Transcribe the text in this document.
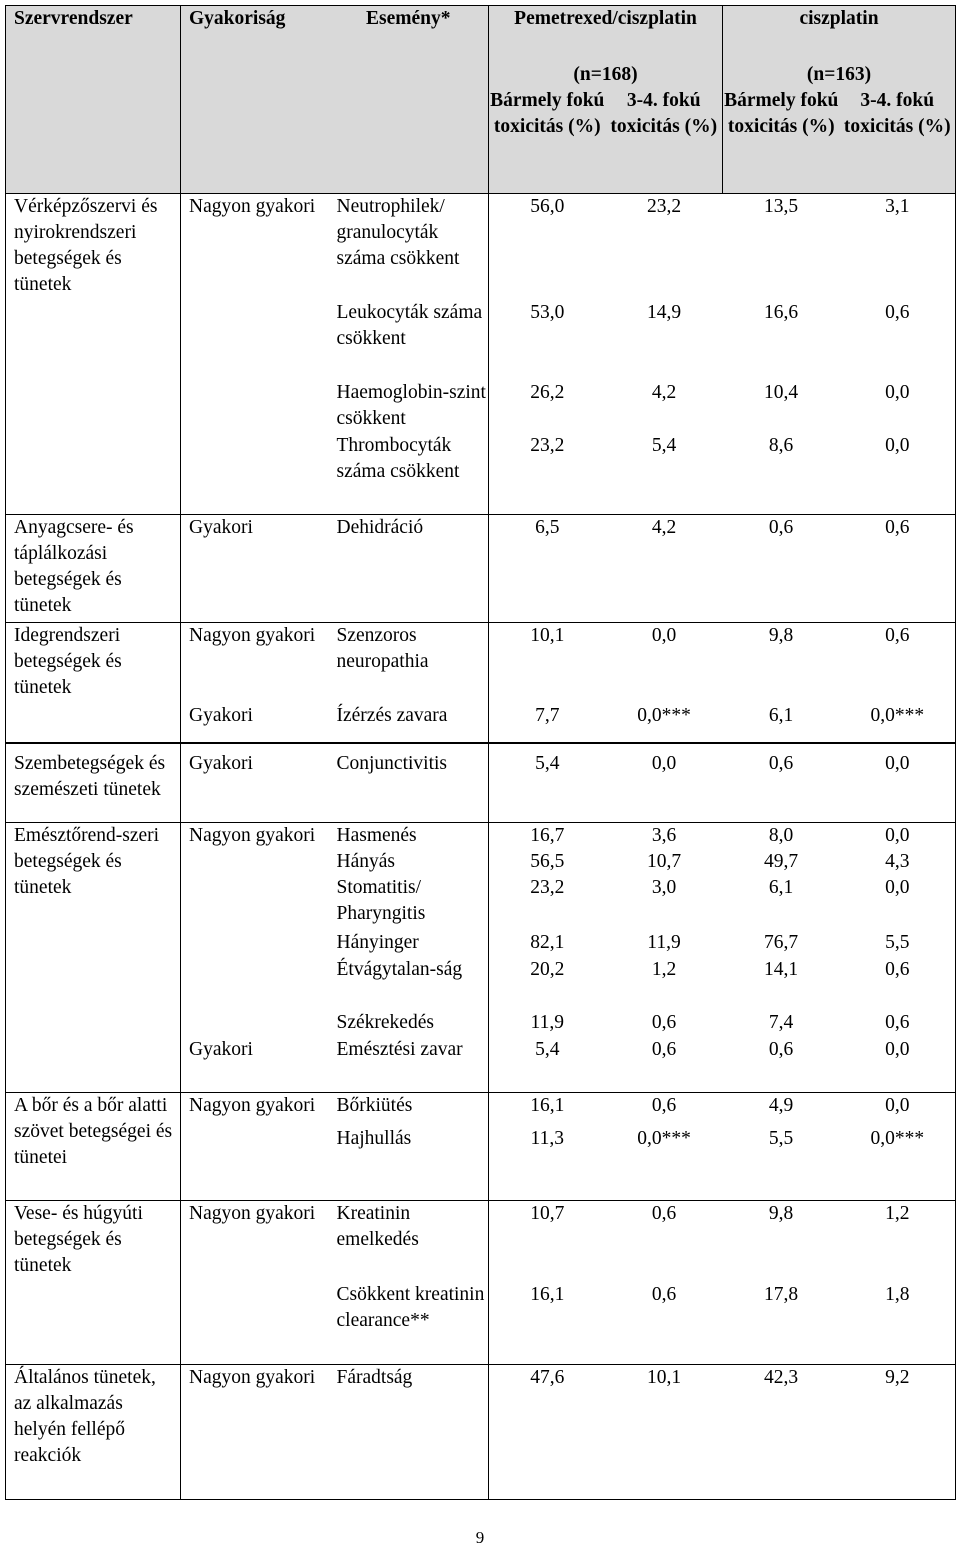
Szervrendszer	Gyakoriság	Esemény*	Pemetrexed/ciszplatin		ciszplatin	
			(n=168)		(n=163)	
			Bármely fokú toxicitás (%)	3-4. fokú toxicitás (%)	Bármely fokú toxicitás (%)	3-4. fokú toxicitás (%)
Vérképzőszervi és nyirokrendszeri betegségek és tünetek	Nagyon gyakori	Neutrophilek/ granulocyták száma csökkent	56,0	23,2	13,5	3,1
		Leukocyták száma csökkent	53,0	14,9	16,6	0,6
		Haemoglobin-szint csökkent	26,2	4,2	10,4	0,0
		Thrombocyták száma csökkent	23,2	5,4	8,6	0,0
Anyagcsere- és táplálkozási betegségek és tünetek	Gyakori	Dehidráció	6,5	4,2	0,6	0,6
Idegrendszeri betegségek és tünetek	Nagyon gyakori	Szenzoros neuropathia	10,1	0,0	9,8	0,6
	Gyakori	Ízérzés zavara	7,7	0,0***	6,1	0,0***
Szembetegségek és szemészeti tünetek	Gyakori	Conjunctivitis	5,4	0,0	0,6	0,0
Emésztőrend-szeri betegségek és tünetek	Nagyon gyakori	Hasmenés	16,7	3,6	8,0	0,0
		Hányás	56,5	10,7	49,7	4,3
		Stomatitis/ Pharyngitis	23,2	3,0	6,1	0,0
		Hányinger	82,1	11,9	76,7	5,5
		Étvágytalan-ság	20,2	1,2	14,1	0,6
		Székrekedés	11,9	0,6	7,4	0,6
	Gyakori	Emésztési zavar	5,4	0,6	0,6	0,0
A bőr és a bőr alatti szövet betegségei és tünetei	Nagyon gyakori	Bőrkiütés	16,1	0,6	4,9	0,0
		Hajhullás	11,3	0,0***	5,5	0,0***
Vese- és húgyúti betegségek és tünetek	Nagyon gyakori	Kreatinin emelkedés	10,7	0,6	9,8	1,2
		Csökkent kreatinin clearance**	16,1	0,6	17,8	1,8
Általános tünetek, az alkalmazás helyén fellépő reakciók	Nagyon gyakori	Fáradtság	47,6	10,1	42,3	9,2
9
